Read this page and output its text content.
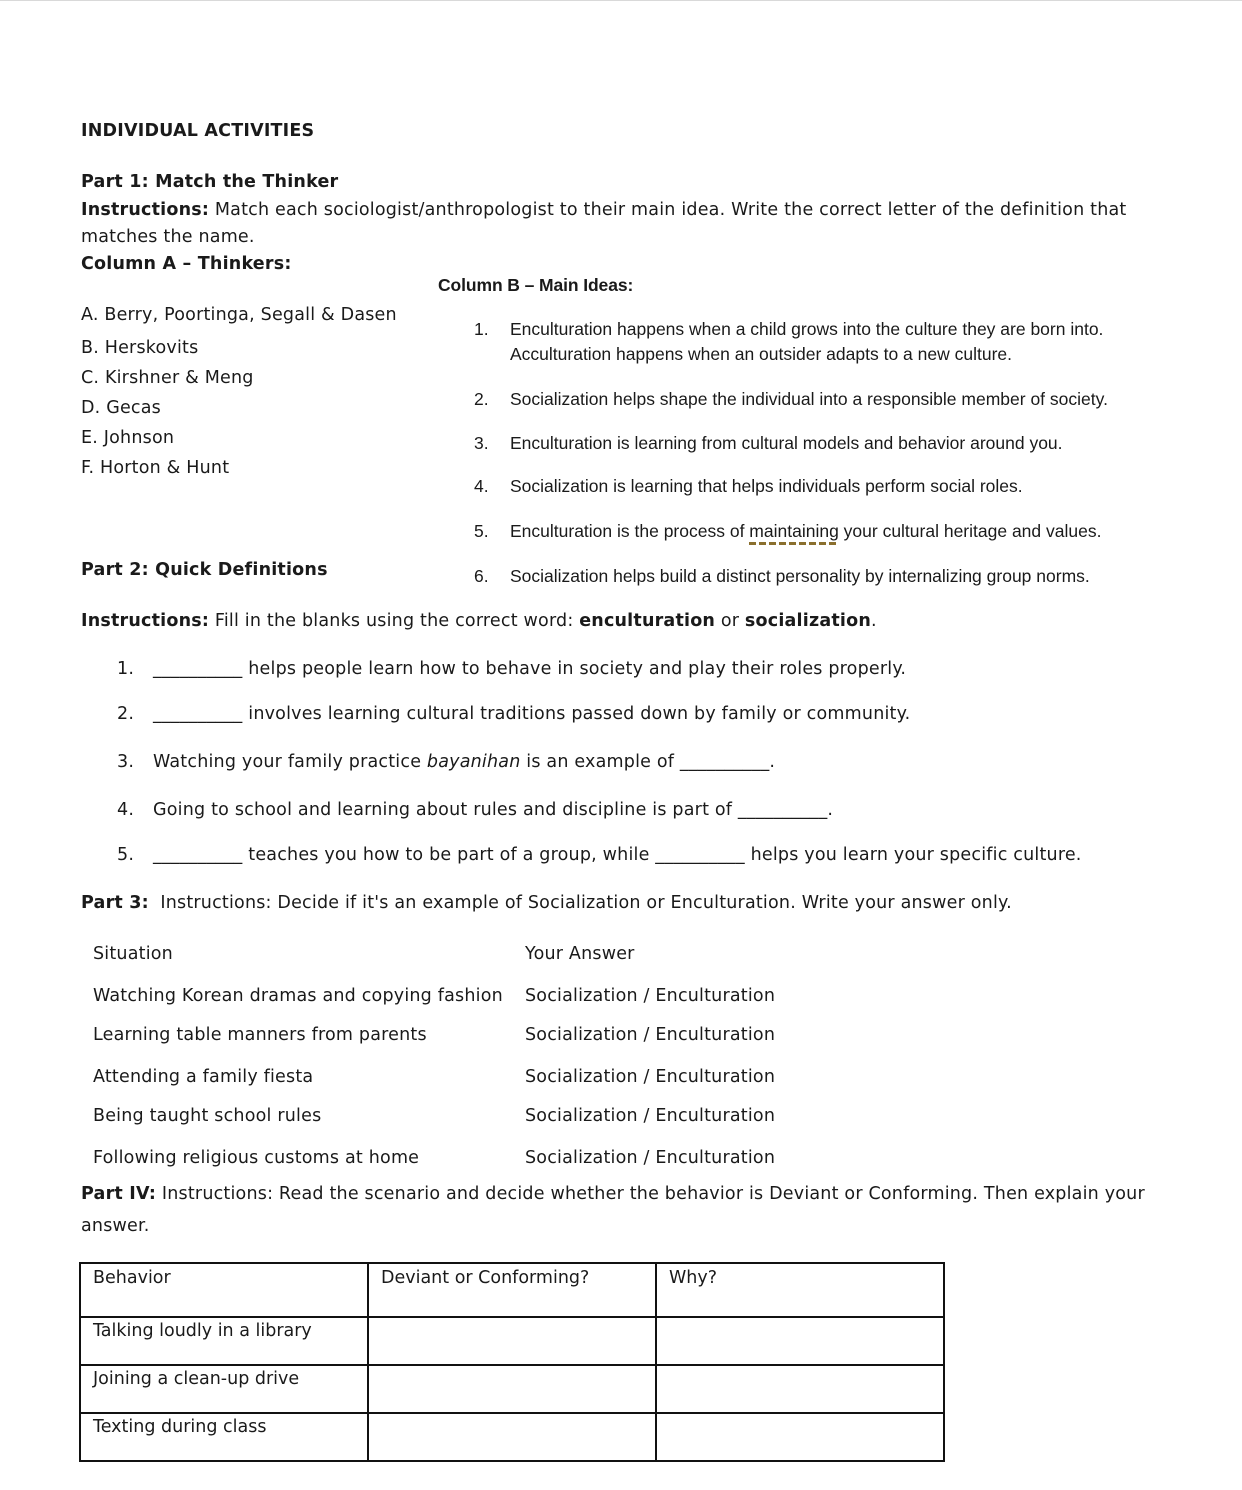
INDIVIDUAL ACTIVITIES
Part 1: Match the Thinker
Instructions: Match each sociologist/anthropologist to their main idea. Write the correct letter of the definition that
matches the name.
Column A – Thinkers:
Column B – Main Ideas:
A. Berry, Poortinga, Segall & Dasen
B. Herskovits
C. Kirshner & Meng
D. Gecas
E. Johnson
F. Horton & Hunt
1. Enculturation happens when a child grows into the culture they are born into.
Acculturation happens when an outsider adapts to a new culture.
2. Socialization helps shape the individual into a responsible member of society.
3. Enculturation is learning from cultural models and behavior around you.
4. Socialization is learning that helps individuals perform social roles.
5. Enculturation is the process of maintaining your cultural heritage and values.
6. Socialization helps build a distinct personality by internalizing group norms.
Part 2: Quick Definitions
Instructions: Fill in the blanks using the correct word: enculturation or socialization.
1. __________ helps people learn how to behave in society and play their roles properly.
2. __________ involves learning cultural traditions passed down by family or community.
3. Watching your family practice bayanihan is an example of __________.
4. Going to school and learning about rules and discipline is part of __________.
5. __________ teaches you how to be part of a group, while __________ helps you learn your specific culture.
Part 3: Instructions: Decide if it's an example of Socialization or Enculturation. Write your answer only.
Situation	Your Answer
Watching Korean dramas and copying fashion Socialization / Enculturation
Learning table manners from parents	Socialization / Enculturation
Attending a family fiesta	Socialization / Enculturation
Being taught school rules	Socialization / Enculturation
Following religious customs at home	Socialization / Enculturation
Part IV: Instructions: Read the scenario and decide whether the behavior is Deviant or Conforming. Then explain your
answer.
Behavior	Deviant or Conforming?	Why?
Talking loudly in a library		
Joining a clean-up drive		
Texting during class		
